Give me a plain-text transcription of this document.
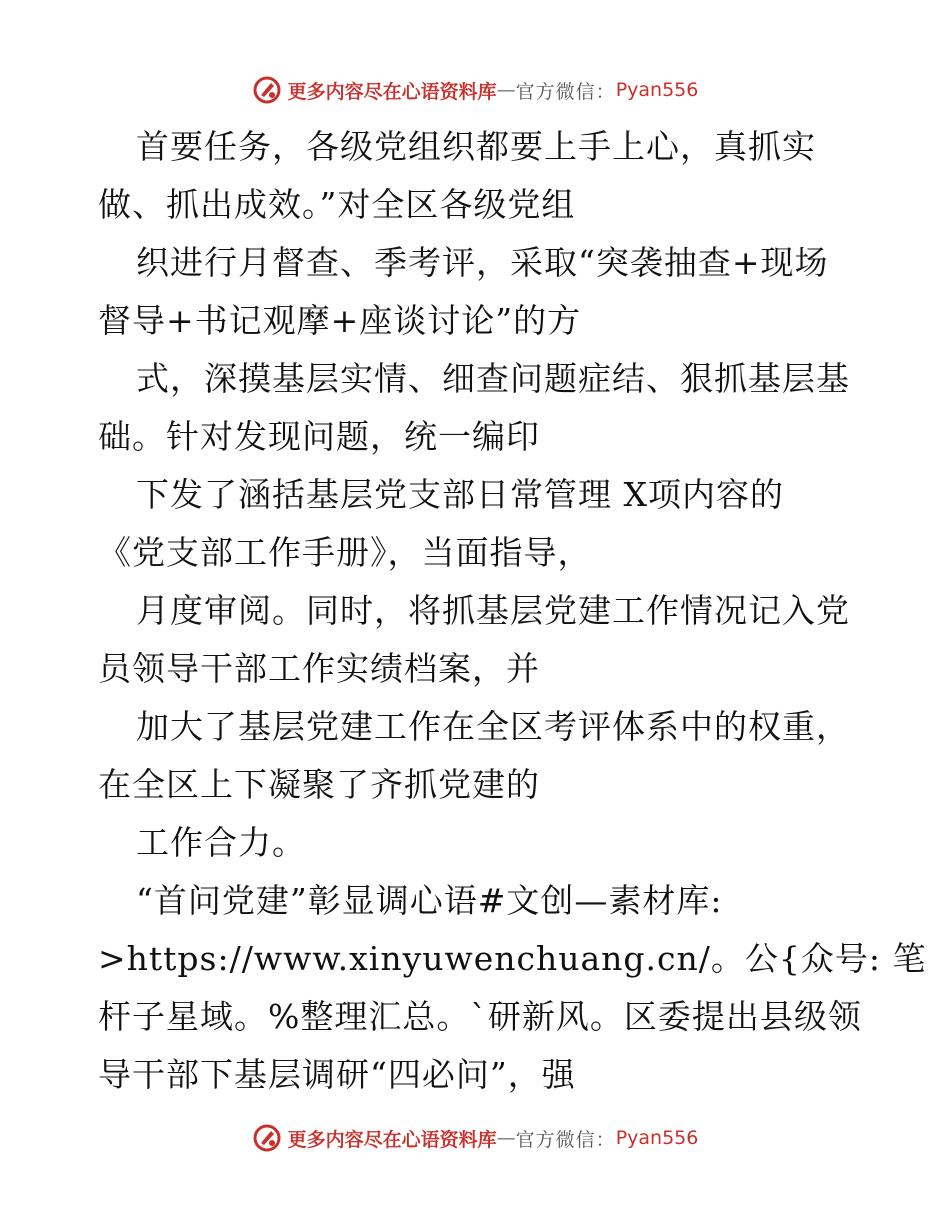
更多内容尽在心语资料库 — 官方微信： Pyan556
首要任务，各级党组织都要上手上心，真抓实
做、抓出成效。”对全区各级党组
织进行月督查、季考评，采取“突袭抽查+现场
督导+书记观摩+座谈讨论”的方
式，深摸基层实情、细查问题症结、狠抓基层基
础。针对发现问题，统一编印
下发了涵括基层党支部日常管理 X项内容的
《党支部工作手册》，当面指导，
月度审阅。同时，将抓基层党建工作情况记入党
员领导干部工作实绩档案，并
加大了基层党建工作在全区考评体系中的权重，
在全区上下凝聚了齐抓党建的
工作合力。
“首问党建”彰显调心语#文创—素材库:
>https://www.xinyuwenchuang.cn/。公{众号: 笔
杆子星域。%整理汇总。`研新风。区委提出县级领
导干部下基层调研“四必问”，强
更多内容尽在心语资料库 — 官方微信： Pyan556
